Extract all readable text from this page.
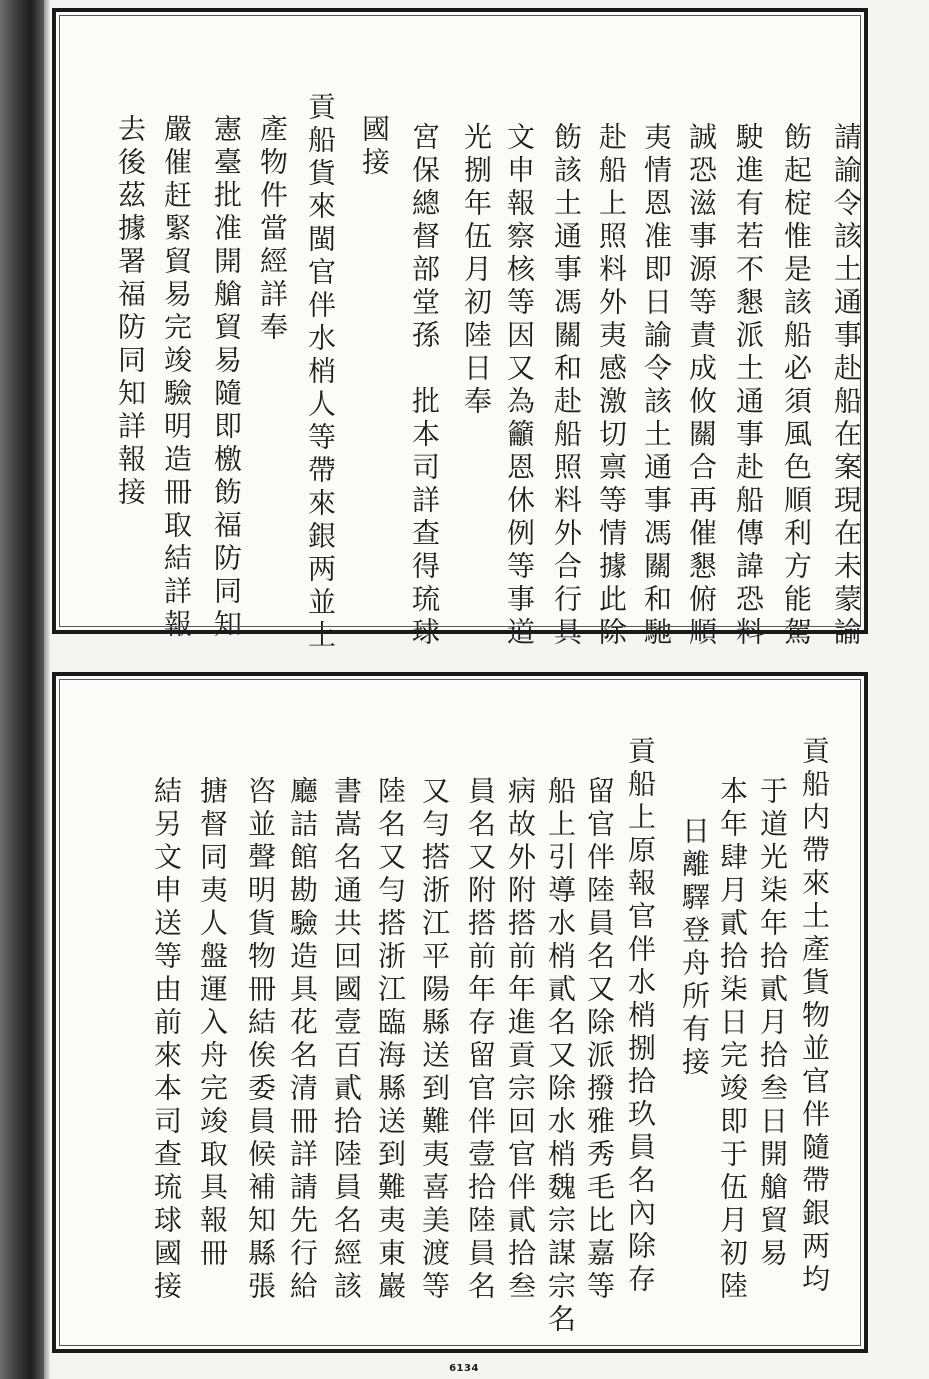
請諭令該土通事赴船在案現在未蒙諭
飭起椗惟是該船必須風色順利方能駕
駛進有若不懇派土通事赴船傳諱恐料
誠恐滋事源等責成攸關合再催懇俯順
夷情恩准即日諭令該土通事馮關和馳
赴船上照料外夷感激切禀等情據此除
飭該土通事馮關和赴船照料外合行具
文申報察核等因又為籲恩休例等事道
光捌年伍月初陸日奉
宮保總督部堂孫　批本司詳查得琉球
國接
貢船貨來閩官伴水梢人等帶來銀两並土
產物件當經詳奉
憲臺批准開艙貿易隨即檄飭福防同知
嚴催赶緊貿易完竣驗明造冊取結詳報
去後茲據署福防同知詳報接
貢船内帶來土產貨物並官伴隨帶銀两均
于道光柒年拾貳月拾叁日開艙貿易
本年肆月貳拾柒日完竣即于伍月初陸
日離驛登舟所有接
貢船上原報官伴水梢捌拾玖員名內除存
留官伴陸員名又除派撥雅秀毛比嘉等
船上引導水梢貳名又除水梢魏宗謀宗名
病故外附搭前年進貢宗回官伴貳拾叁
員名又附搭前年存留官伴壹拾陸員名
又勻搭浙江平陽縣送到難夷喜美渡等
陸名又勻搭浙江臨海縣送到難夷東巖
書嵩名通共回國壹百貳拾陸員名經該
廳詰館勘驗造具花名清冊詳請先行給
咨並聲明貨物冊結俟委員候補知縣張
搪督同夷人盤運入舟完竣取具報冊
結另文申送等由前來本司查琉球國接
6134
